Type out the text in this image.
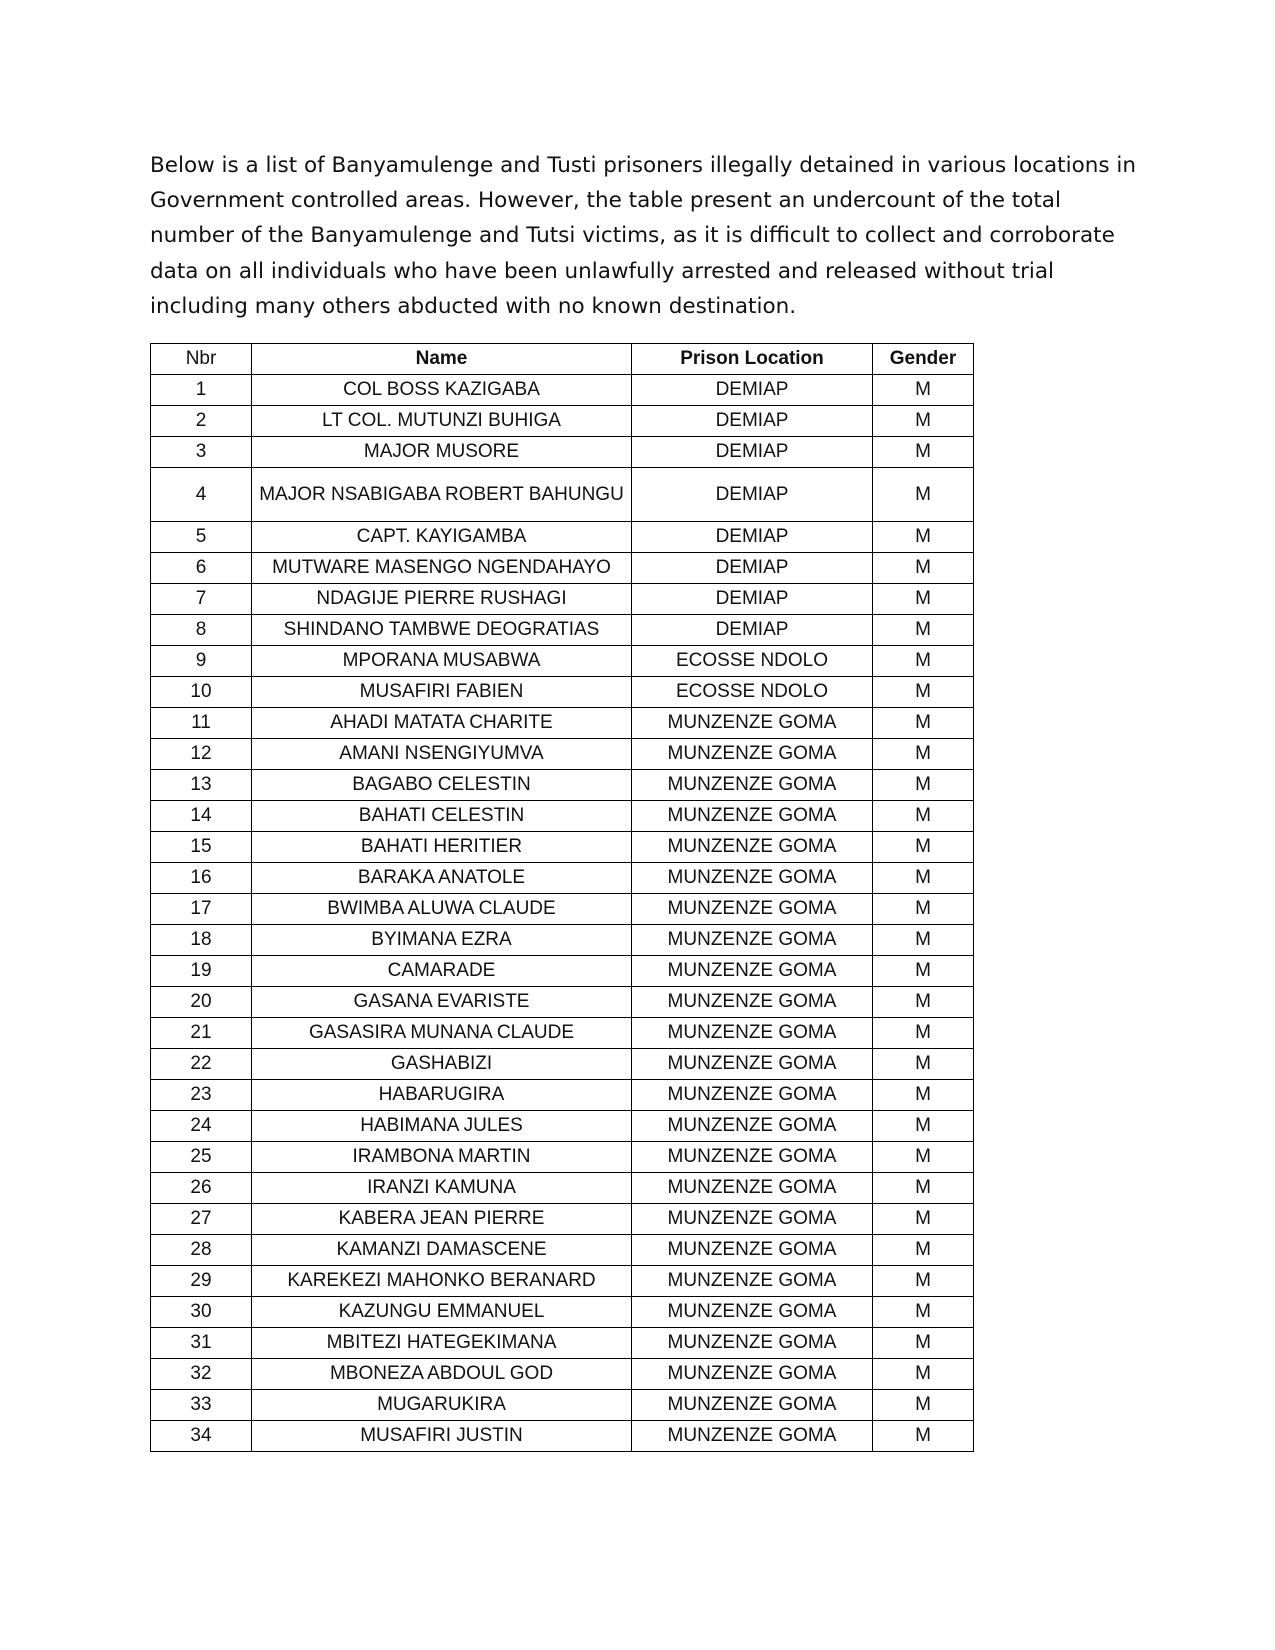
Below is a list of Banyamulenge and Tusti prisoners illegally detained in various locations in Government controlled areas. However, the table present an undercount of the total number of the Banyamulenge and Tutsi victims, as it is difficult to collect and corroborate data on all individuals who have been unlawfully arrested and released without trial including many others abducted with no known destination.

Nbr	Name	Prison Location	Gender
1	COL BOSS KAZIGABA	DEMIAP	M
2	LT COL. MUTUNZI BUHIGA	DEMIAP	M
3	MAJOR MUSORE	DEMIAP	M
4	MAJOR NSABIGABA ROBERT BAHUNGU	DEMIAP	M
5	CAPT. KAYIGAMBA	DEMIAP	M
6	MUTWARE MASENGO NGENDAHAYO	DEMIAP	M
7	NDAGIJE PIERRE RUSHAGI	DEMIAP	M
8	SHINDANO TAMBWE DEOGRATIAS	DEMIAP	M
9	MPORANA MUSABWA	ECOSSE NDOLO	M
10	MUSAFIRI FABIEN	ECOSSE NDOLO	M
11	AHADI MATATA CHARITE	MUNZENZE GOMA	M
12	AMANI NSENGIYUMVA	MUNZENZE GOMA	M
13	BAGABO CELESTIN	MUNZENZE GOMA	M
14	BAHATI CELESTIN	MUNZENZE GOMA	M
15	BAHATI HERITIER	MUNZENZE GOMA	M
16	BARAKA ANATOLE	MUNZENZE GOMA	M
17	BWIMBA ALUWA CLAUDE	MUNZENZE GOMA	M
18	BYIMANA EZRA	MUNZENZE GOMA	M
19	CAMARADE	MUNZENZE GOMA	M
20	GASANA EVARISTE	MUNZENZE GOMA	M
21	GASASIRA MUNANA CLAUDE	MUNZENZE GOMA	M
22	GASHABIZI	MUNZENZE GOMA	M
23	HABARUGIRA	MUNZENZE GOMA	M
24	HABIMANA JULES	MUNZENZE GOMA	M
25	IRAMBONA MARTIN	MUNZENZE GOMA	M
26	IRANZI KAMUNA	MUNZENZE GOMA	M
27	KABERA JEAN PIERRE	MUNZENZE GOMA	M
28	KAMANZI DAMASCENE	MUNZENZE GOMA	M
29	KAREKEZI MAHONKO BERANARD	MUNZENZE GOMA	M
30	KAZUNGU EMMANUEL	MUNZENZE GOMA	M
31	MBITEZI HATEGEKIMANA	MUNZENZE GOMA	M
32	MBONEZA ABDOUL GOD	MUNZENZE GOMA	M
33	MUGARUKIRA	MUNZENZE GOMA	M
34	MUSAFIRI JUSTIN	MUNZENZE GOMA	M
